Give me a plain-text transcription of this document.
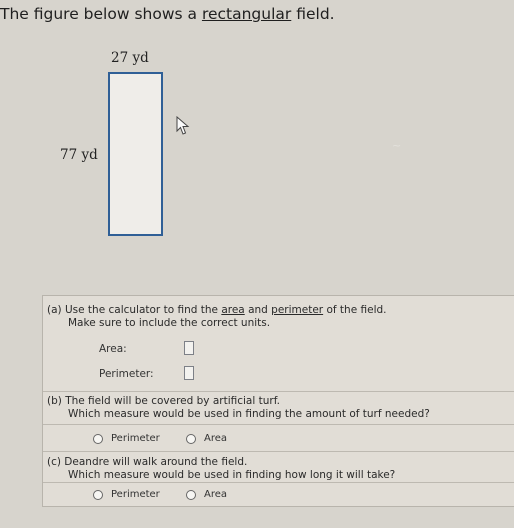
The figure below shows a rectangular field.
27 yd
77 yd
~
(a) Use the calculator to find the area and perimeter of the field.
Make sure to include the correct units.
Area:
Perimeter:
(b) The field will be covered by artificial turf.
Which measure would be used in finding the amount of turf needed?
Perimeter	Area
(c) Deandre will walk around the field.
Which measure would be used in finding how long it will take?
Perimeter	Area
